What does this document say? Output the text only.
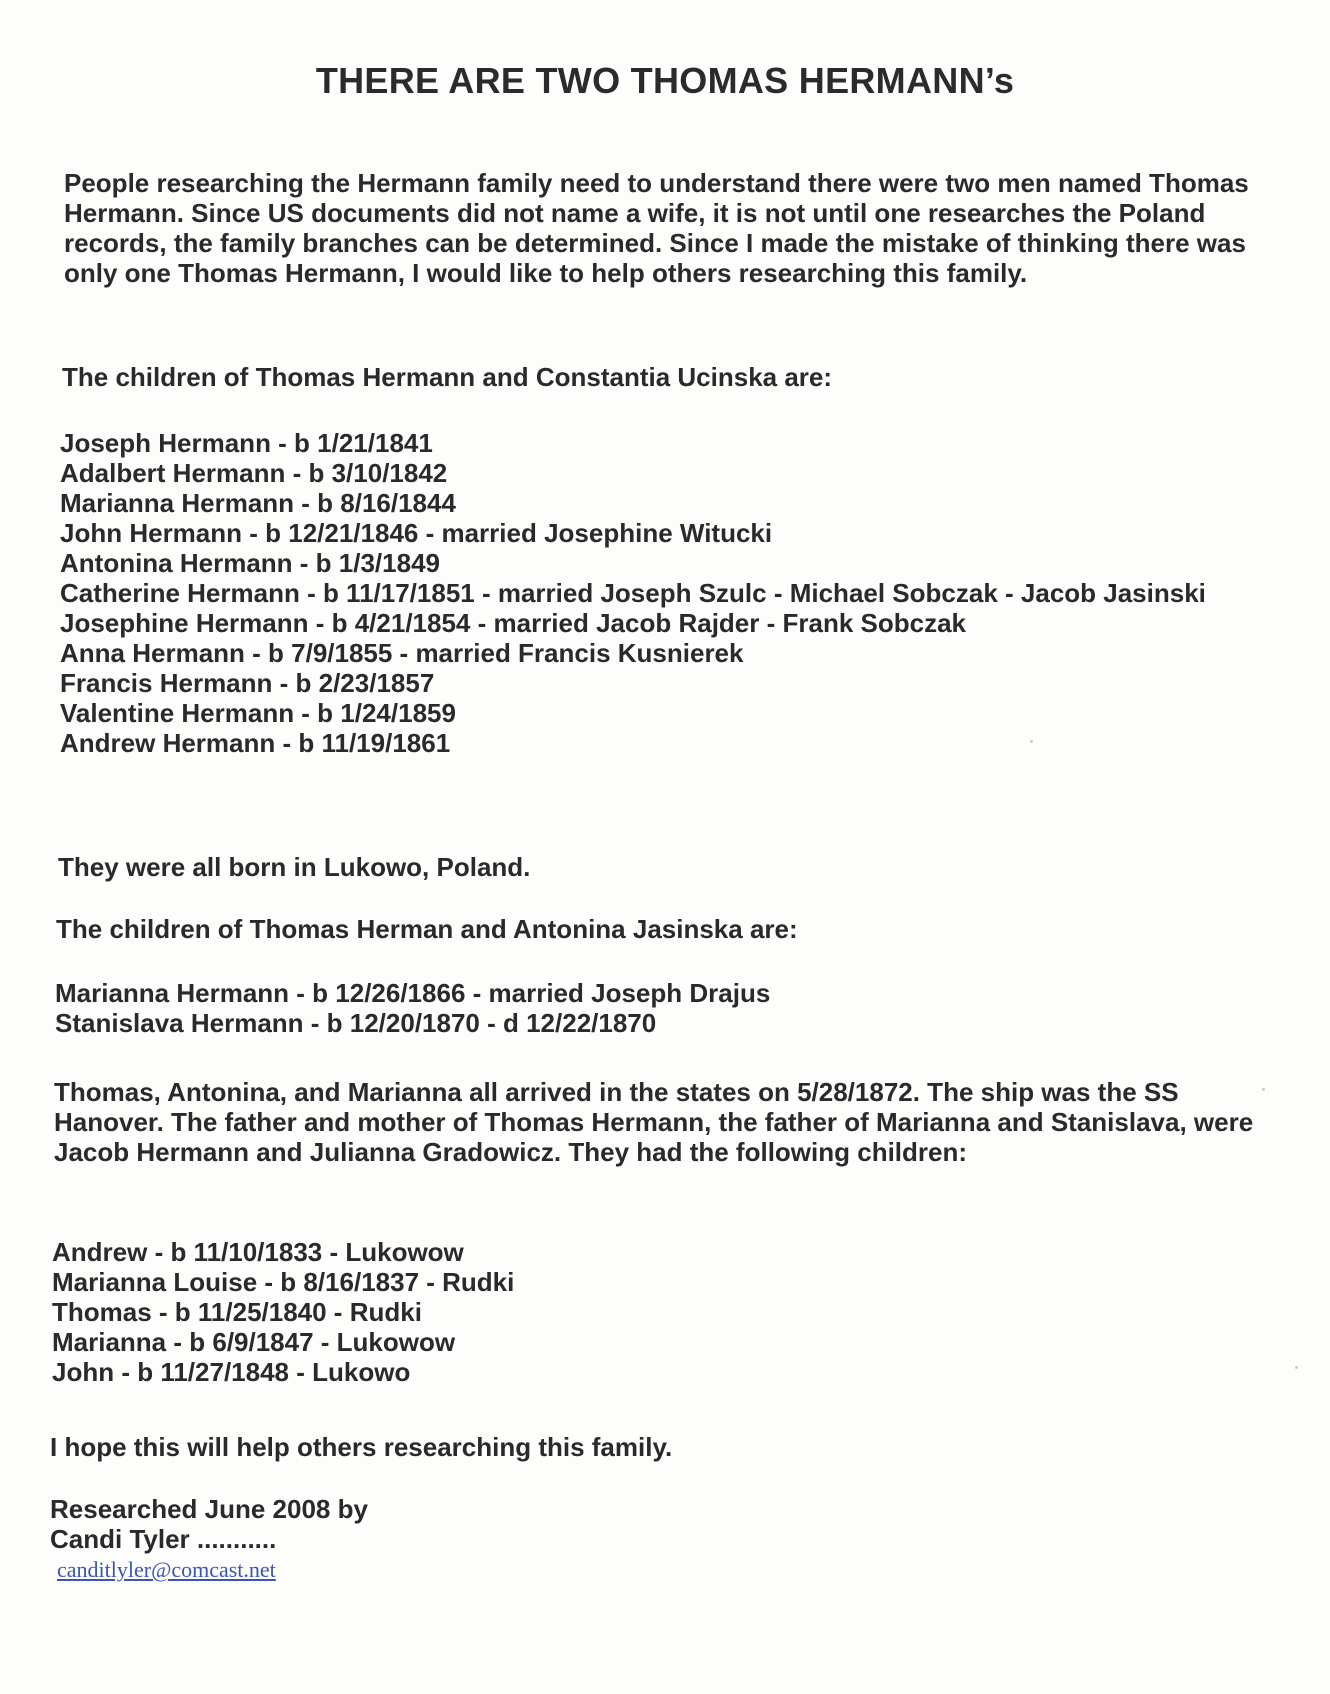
THERE ARE TWO THOMAS HERMANN’s

People researching the Hermann family need to understand there were two men named Thomas Hermann. Since US documents did not name a wife, it is not until one researches the Poland records, the family branches can be determined. Since I made the mistake of thinking there was only one Thomas Hermann, I would like to help others researching this family.

The children of Thomas Hermann and Constantia Ucinska are:

Joseph Hermann - b 1/21/1841
Adalbert Hermann - b 3/10/1842
Marianna Hermann - b 8/16/1844
John Hermann - b 12/21/1846 - married Josephine Witucki
Antonina Hermann - b 1/3/1849
Catherine Hermann - b 11/17/1851 - married Joseph Szulc - Michael Sobczak - Jacob Jasinski
Josephine Hermann - b 4/21/1854 - married Jacob Rajder - Frank Sobczak
Anna Hermann - b 7/9/1855 - married Francis Kusnierek
Francis Hermann - b 2/23/1857
Valentine Hermann - b 1/24/1859
Andrew Hermann - b 11/19/1861

They were all born in Lukowo, Poland.

The children of Thomas Herman and Antonina Jasinska are:

Marianna Hermann - b 12/26/1866 - married Joseph Drajus
Stanislava Hermann - b 12/20/1870 - d 12/22/1870

Thomas, Antonina, and Marianna all arrived in the states on 5/28/1872. The ship was the SS Hanover. The father and mother of Thomas Hermann, the father of Marianna and Stanislava, were Jacob Hermann and Julianna Gradowicz. They had the following children:

Andrew - b 11/10/1833 - Lukowow
Marianna Louise - b 8/16/1837 - Rudki
Thomas - b 11/25/1840 - Rudki
Marianna - b 6/9/1847 - Lukowow
John - b 11/27/1848 - Lukowo

I hope this will help others researching this family.

Researched June 2008 by
Candi Tyler ...........
canditlyler@comcast.net
